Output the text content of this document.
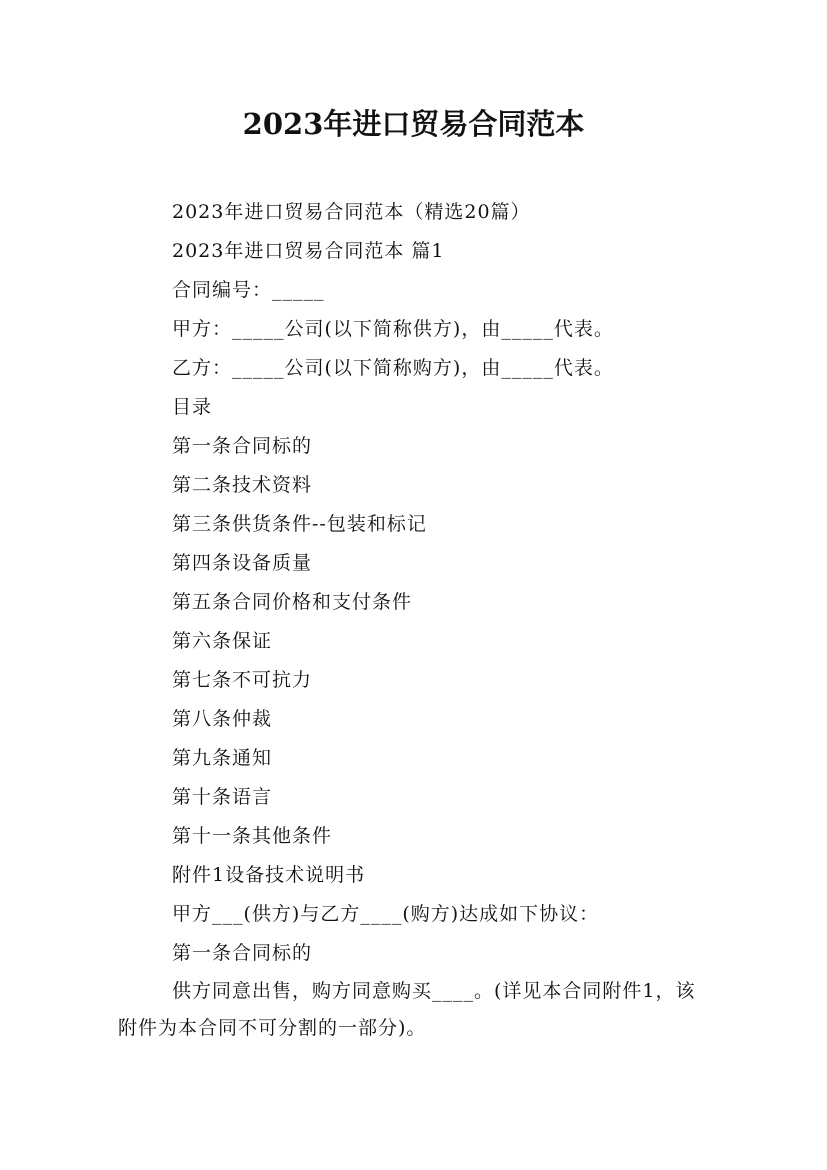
2023年进口贸易合同范本

2023年进口贸易合同范本（精选20篇）

2023年进口贸易合同范本 篇1

合同编号：_____

甲方：_____公司(以下简称供方)，由_____代表。

乙方：_____公司(以下简称购方)，由_____代表。

目录

第一条合同标的

第二条技术资料

第三条供货条件--包装和标记

第四条设备质量

第五条合同价格和支付条件

第六条保证

第七条不可抗力

第八条仲裁

第九条通知

第十条语言

第十一条其他条件

附件1设备技术说明书

甲方___(供方)与乙方____(购方)达成如下协议：

第一条合同标的

供方同意出售，购方同意购买____。(详见本合同附件1，该附件为本合同不可分割的一部分)。
